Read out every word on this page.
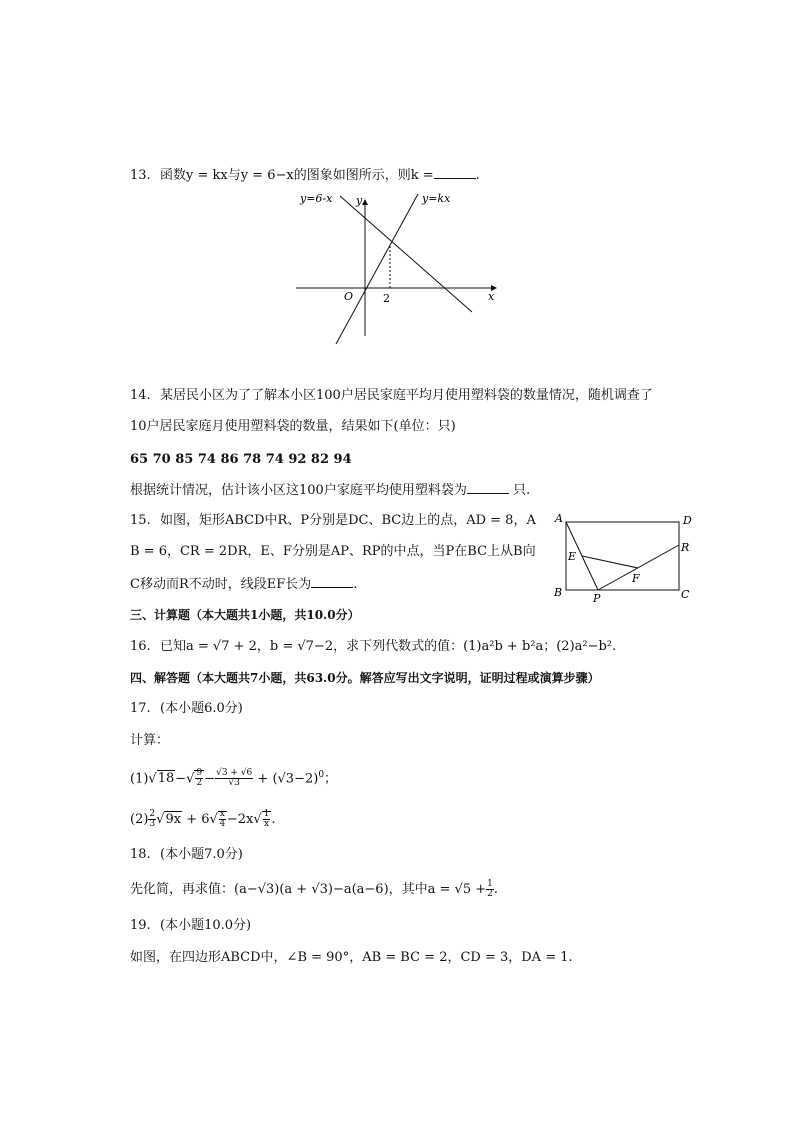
13. 函数y = kx与y = 6−x的图象如图所示，则k =	.
y=6-x	y=kx
y
x
O	2
14. 某居民小区为了了解本小区100户居民家庭平均月使用塑料袋的数量情况，随机调查了
10户居民家庭月使用塑料袋的数量，结果如下(单位：只)
65 70 85 74 86 78 74 92 82 94
根据统计情况，估计该小区这100户家庭平均使用塑料袋为	只.
15. 如图，矩形ABCD中R、P分别是DC、BC边上的点，AD = 8，A
B = 6，CR = 2DR，E、F分别是AP、RP的中点，当P在BC上从B向
C移动而R不动时，线段EF长为	.
A	D
R
E
F
B	P	C
三、计算题（本大题共1小题，共10.0分）
16. 已知a = √7 + 2，b = √7−2，求下列代数式的值：(1)a²b + b²a；(2)a²−b².
四、解答题（本大题共7小题，共63.0分。解答应写出文字说明，证明过程或演算步骤）
17. (本小题6.0分)
计算：
$(1)√18-√ \frac{9}{2} - \frac{√3 + √6}{√3} + (√3-2)^0$；
$(2) \frac{2}{3} √9x + 6√ \frac{x}{4} -2x√ \frac{1}{x}$ .
18. (本小题7.0分)
先化简，再求值：(a−√3)(a + √3)−a(a−6)，其中$a = √5 + \frac{1}{2}$ .
19. (本小题10.0分)
如图，在四边形ABCD中，∠B = 90°，AB = BC = 2，CD = 3，DA = 1.
